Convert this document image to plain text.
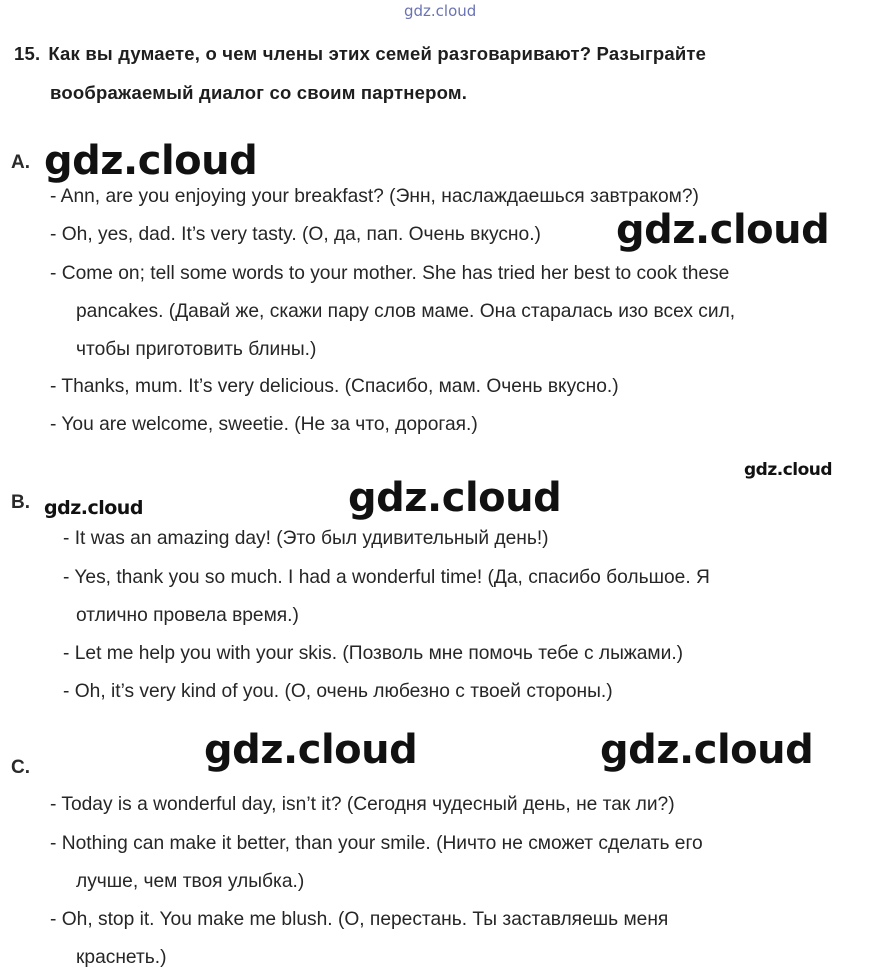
gdz.cloud
15. Как вы думаете, о чем члены этих семей разговаривают? Разыграйте
воображаемый диалог со своим партнером.
A. gdz.cloud
- Ann, are you enjoying your breakfast? (Энн, наслаждаешься завтраком?)
- Oh, yes, dad. It’s very tasty. (О, да, пап. Очень вкусно.) gdz.cloud
- Come on; tell some words to your mother. She has tried her best to cook these
pancakes. (Давай же, скажи пару слов маме. Она старалась изо всех сил,
чтобы приготовить блины.)
- Thanks, mum. It’s very delicious. (Спасибо, мам. Очень вкусно.)
- You are welcome, sweetie. (Не за что, дорогая.)
gdz.cloud
B. gdz.cloud	gdz.cloud
- It was an amazing day! (Это был удивительный день!)
- Yes, thank you so much. I had a wonderful time! (Да, спасибо большое. Я
отлично провела время.)
- Let me help you with your skis. (Позволь мне помочь тебе с лыжами.)
- Oh, it’s very kind of you. (О, очень любезно с твоей стороны.)
gdz.cloud	gdz.cloud
C.
- Today is a wonderful day, isn’t it? (Сегодня чудесный день, не так ли?)
- Nothing can make it better, than your smile. (Ничто не сможет сделать его
лучше, чем твоя улыбка.)
- Oh, stop it. You make me blush. (О, перестань. Ты заставляешь меня
краснеть.)
